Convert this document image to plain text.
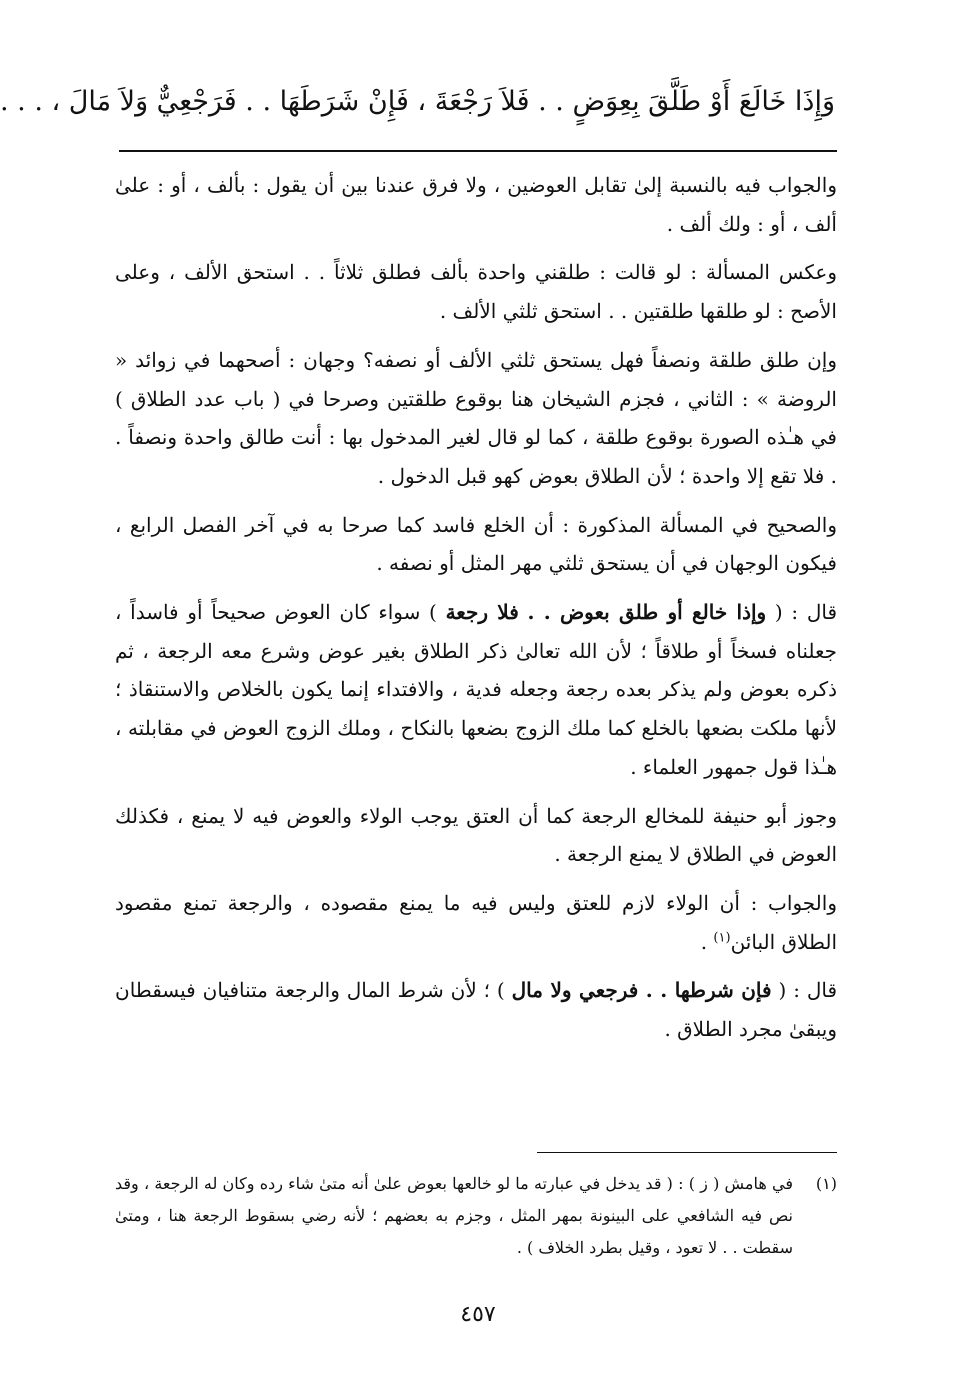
وَإِذَا خَالَعَ أَوْ طَلَّقَ بِعِوَضٍ . . فَلاَ رَجْعَةَ ، فَإِنْ شَرَطَهَا . . فَرَجْعِيٌّ وَلاَ مَالَ ، . . .

والجواب فيه بالنسبة إلىٰ تقابل العوضين ، ولا فرق عندنا بين أن يقول : بألف ، أو : علىٰ ألف ، أو : ولك ألف .

وعكس المسألة : لو قالت : طلقني واحدة بألف فطلق ثلاثاً . . استحق الألف ، وعلى الأصح : لو طلقها طلقتين . . استحق ثلثي الألف .

وإن طلق طلقة ونصفاً فهل يستحق ثلثي الألف أو نصفه؟ وجهان : أصحهما في زوائد « الروضة » : الثاني ، فجزم الشيخان هنا بوقوع طلقتين وصرحا في ( باب عدد الطلاق ) في هـٰذه الصورة بوقوع طلقة ، كما لو قال لغير المدخول بها : أنت طالق واحدة ونصفاً . . فلا تقع إلا واحدة ؛ لأن الطلاق بعوض كهو قبل الدخول .

والصحيح في المسألة المذكورة : أن الخلع فاسد كما صرحا به في آخر الفصل الرابع ، فيكون الوجهان في أن يستحق ثلثي مهر المثل أو نصفه .

قال : ( وإذا خالع أو طلق بعوض . . فلا رجعة ) سواء كان العوض صحيحاً أو فاسداً ، جعلناه فسخاً أو طلاقاً ؛ لأن الله تعالىٰ ذكر الطلاق بغير عوض وشرع معه الرجعة ، ثم ذكره بعوض ولم يذكر بعده رجعة وجعله فدية ، والافتداء إنما يكون بالخلاص والاستنقاذ ؛ لأنها ملكت بضعها بالخلع كما ملك الزوج بضعها بالنكاح ، وملك الزوج العوض في مقابلته ، هـٰذا قول جمهور العلماء .

وجوز أبو حنيفة للمخالع الرجعة كما أن العتق يوجب الولاء والعوض فيه لا يمنع ، فكذلك العوض في الطلاق لا يمنع الرجعة .

والجواب : أن الولاء لازم للعتق وليس فيه ما يمنع مقصوده ، والرجعة تمنع مقصود الطلاق البائن$^{(١)}$ .

قال : ( فإن شرطها . . فرجعي ولا مال ) ؛ لأن شرط المال والرجعة متنافيان فيسقطان ويبقىٰ مجرد الطلاق .

(١)
في هامش ( ز ) : ( قد يدخل في عبارته ما لو خالعها بعوض علىٰ أنه متىٰ شاء رده وكان له الرجعة ، وقد نص فيه الشافعي على البينونة بمهر المثل ، وجزم به بعضهم ؛ لأنه رضي بسقوط الرجعة هنا ، ومتىٰ سقطت . . لا تعود ، وقيل بطرد الخلاف ) .
٤٥٧
